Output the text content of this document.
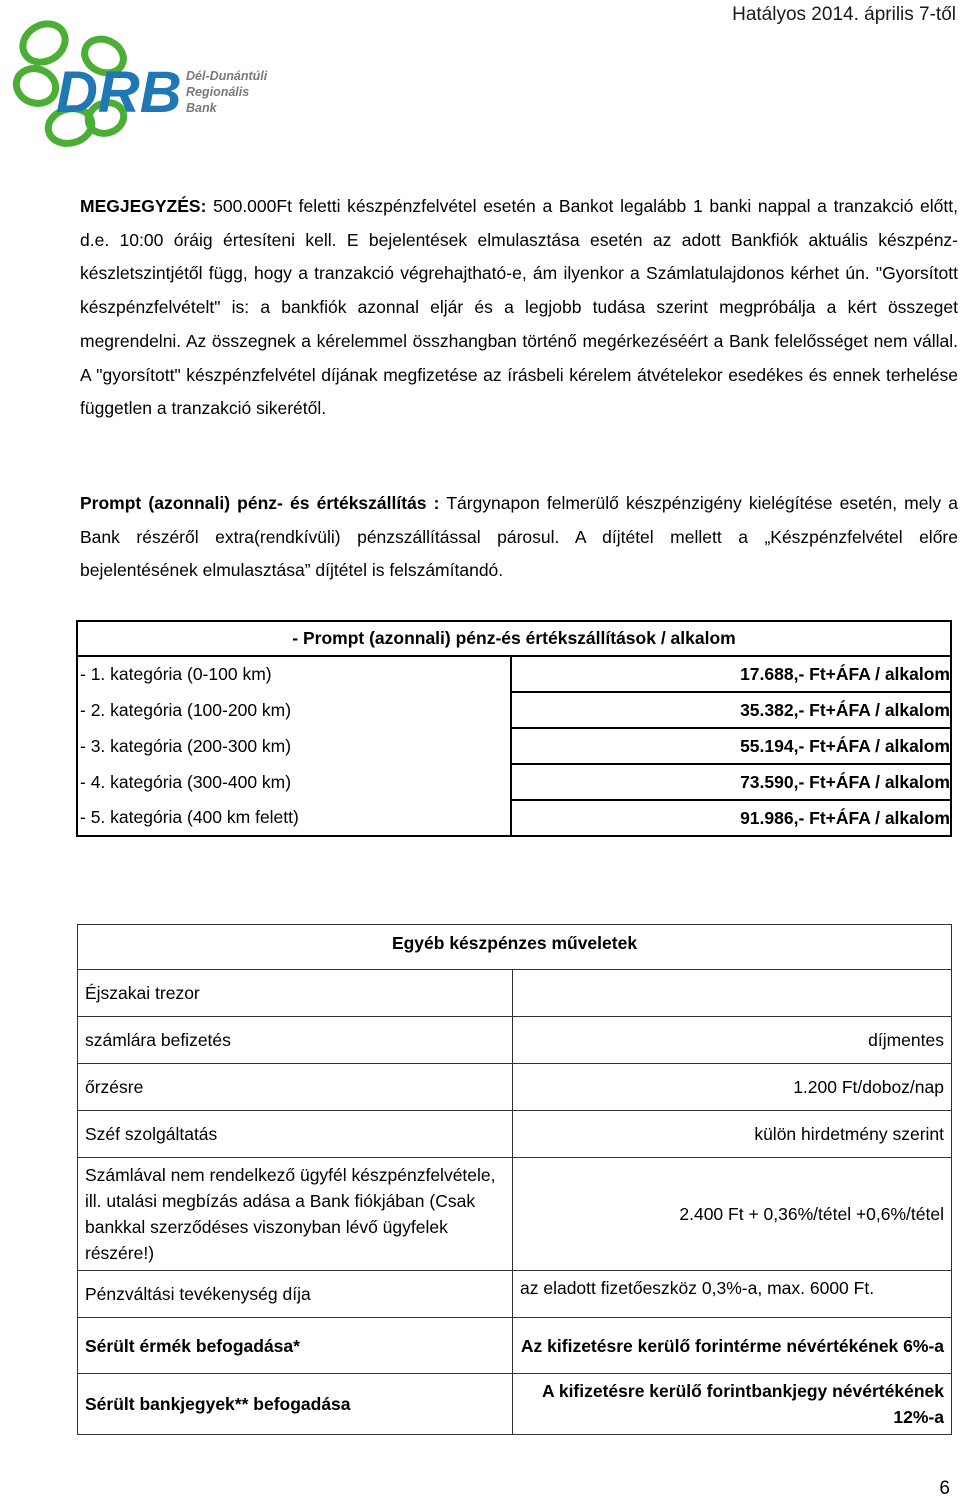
Hatályos 2014. április 7-től
DRB Dél-Dunántúli
Regionális
Bank
MEGJEGYZÉS: 500.000Ft feletti készpénzfelvétel esetén a Bankot legalább 1 banki nappal a tranzakció előtt, d.e. 10:00 óráig értesíteni kell. E bejelentések elmulasztása esetén az adott Bankfiók aktuális készpénz-készletszintjétől függ, hogy a tranzakció végrehajtható-e, ám ilyenkor a Számlatulajdonos kérhet ún. "Gyorsított készpénzfelvételt" is: a bankfiók azonnal eljár és a legjobb tudása szerint megpróbálja a kért összeget megrendelni. Az összegnek a kérelemmel összhangban történő megérkezéséért a Bank felelősséget nem vállal. A "gyorsított" készpénzfelvétel díjának megfizetése az írásbeli kérelem átvételekor esedékes és ennek terhelése független a tranzakció sikerétől.
Prompt (azonnali) pénz- és értékszállítás : Tárgynapon felmerülő készpénzigény kielégítése esetén, mely a Bank részéről extra(rendkívüli) pénzszállítással párosul. A díjtétel mellett a „Készpénzfelvétel előre bejelentésének elmulasztása” díjtétel is felszámítandó.
- Prompt (azonnali) pénz-és értékszállítások / alkalom	
- 1. kategória (0-100 km)	17.688,- Ft+ÁFA / alkalom
- 2. kategória (100-200 km)	35.382,- Ft+ÁFA / alkalom
- 3. kategória (200-300 km)	55.194,- Ft+ÁFA / alkalom
- 4. kategória (300-400 km)	73.590,- Ft+ÁFA / alkalom
- 5. kategória (400 km felett)	91.986,- Ft+ÁFA / alkalom
Egyéb készpénzes műveletek	
Éjszakai trezor	
számlára befizetés	díjmentes
őrzésre	1.200 Ft/doboz/nap
Széf szolgáltatás	külön hirdetmény szerint
Számlával nem rendelkező ügyfél készpénzfelvétele, ill. utalási megbízás adása a Bank fiókjában (Csak bankkal szerződéses viszonyban lévő ügyfelek részére!)	2.400 Ft + 0,36%/tétel +0,6%/tétel
Pénzváltási tevékenység díja	az eladott fizetőeszköz 0,3%-a, max. 6000 Ft.
Sérült érmék befogadása*	Az kifizetésre kerülő forintérme névértékének 6%-a
Sérült bankjegyek** befogadása	A kifizetésre kerülő forintbankjegy névértékének 12%-a
6
